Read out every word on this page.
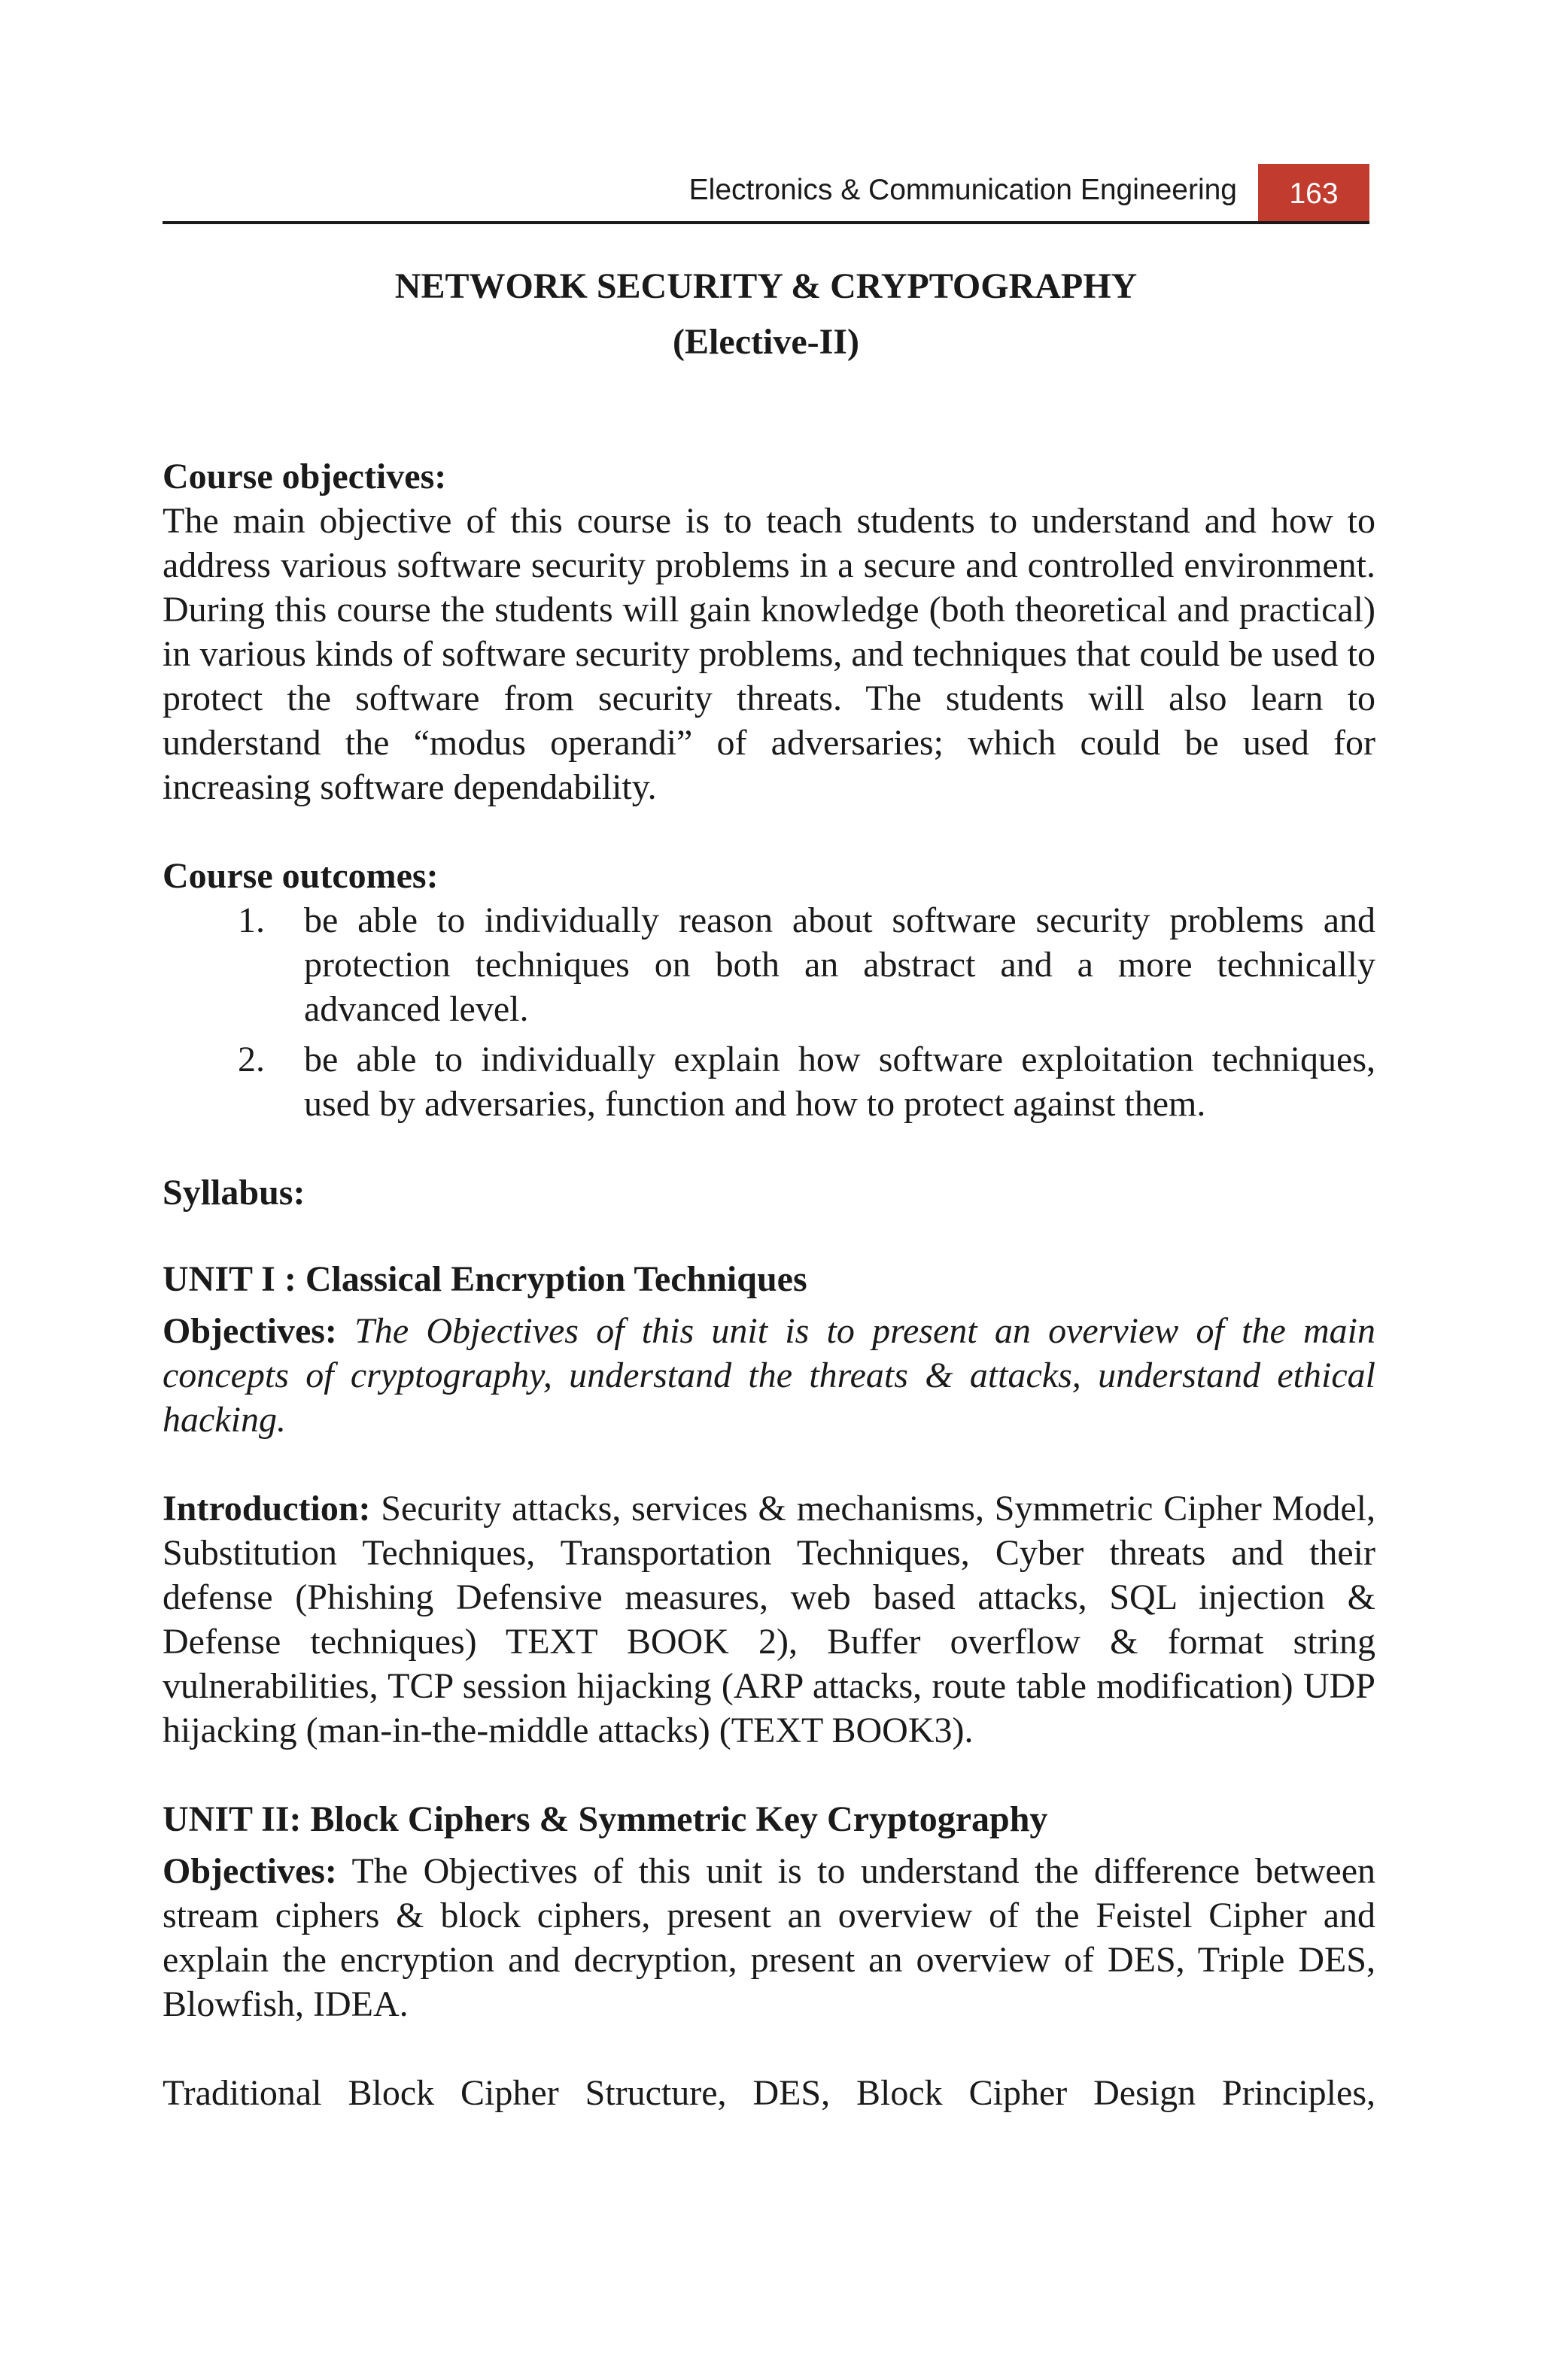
Electronics & Communication Engineering	163

NETWORK SECURITY & CRYPTOGRAPHY

(Elective-II)

Course objectives:

The main objective of this course is to teach students to understand and how to address various software security problems in a secure and controlled environment. During this course the students will gain knowledge (both theoretical and practical) in various kinds of software security problems, and techniques that could be used to protect the software from security threats. The students will also learn to understand the “modus operandi” of adversaries; which could be used for increasing software dependability.

Course outcomes:

1. be able to individually reason about software security problems and protection techniques on both an abstract and a more technically advanced level.
2. be able to individually explain how software exploitation techniques, used by adversaries, function and how to protect against them.

Syllabus:

UNIT I : Classical Encryption Techniques

Objectives: The Objectives of this unit is to present an overview of the main concepts of cryptography, understand the threats & attacks, understand ethical hacking.

Introduction: Security attacks, services & mechanisms, Symmetric Cipher Model, Substitution Techniques, Transportation Techniques, Cyber threats and their defense (Phishing Defensive measures, web based attacks, SQL injection & Defense techniques) TEXT BOOK 2), Buffer overflow & format string vulnerabilities, TCP session hijacking (ARP attacks, route table modification) UDP hijacking (man-in-the-middle attacks) (TEXT BOOK3).

UNIT II: Block Ciphers & Symmetric Key Cryptography

Objectives: The Objectives of this unit is to understand the difference between stream ciphers & block ciphers, present an overview of the Feistel Cipher and explain the encryption and decryption, present an overview of DES, Triple DES, Blowfish, IDEA.

Traditional Block Cipher Structure, DES, Block Cipher Design Principles,
